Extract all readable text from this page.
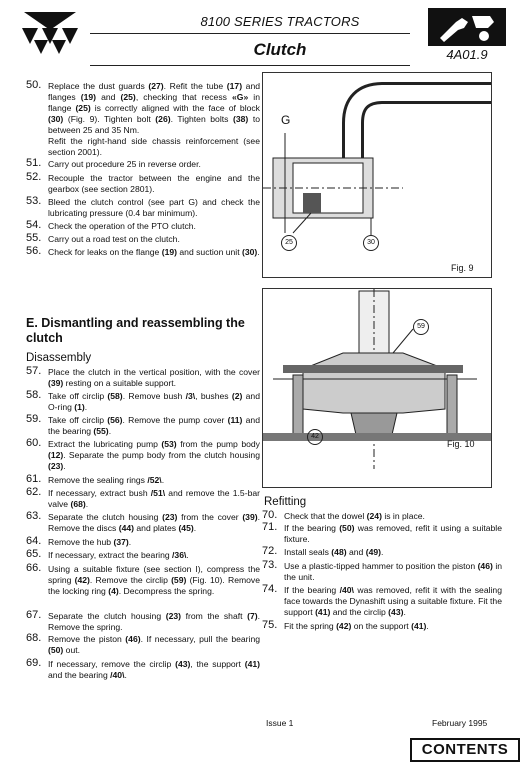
8100 SERIES TRACTORS
Clutch	4A01.9
50. Replace the dust guards (27). Refit the tube (17) and flanges (19) and (25), checking that recess «G» in flange (25) is correctly aligned with the face of block (30) (Fig. 9). Tighten bolt (26). Tighten bolts (38) to between 25 and 35 Nm.
Refit the right-hand side chassis reinforcement (see section 2001).
51. Carry out procedure 25 in reverse order.
52. Recouple the tractor between the engine and the gearbox (see section 2801).
53. Bleed the clutch control (see part G) and check the lubricating pressure (0.4 bar minimum).
54. Check the operation of the PTO clutch.
55. Carry out a road test on the clutch.
56. Check for leaks on the flange (19) and suction unit (30).
G
25	30
Fig. 9
59
42
Fig. 10
E. Dismantling and reassembling the clutch
Disassembly
57. Place the clutch in the vertical position, with the cover (39) resting on a suitable support.
58. Take off circlip (58). Remove bush /3\, bushes (2) and O-ring (1).
59. Take off circlip (56). Remove the pump cover (11) and the bearing (55).
60. Extract the lubricating pump (53) from the pump body (12). Separate the pump body from the clutch housing (23).
61. Remove the sealing rings /52\.
62. If necessary, extract bush /51\ and remove the 1.5-bar valve (68).
63. Separate the clutch housing (23) from the cover (39). Remove the discs (44) and plates (45).
64. Remove the hub (37).
65. If necessary, extract the bearing /36\.
66. Using a suitable fixture (see section I), compress the spring (42). Remove the circlip (59) (Fig. 10). Remove the locking ring (4). Decompress the spring.
67. Separate the clutch housing (23) from the shaft (7). Remove the spring.
68. Remove the piston (46). If necessary, pull the bearing (50) out.
69. If necessary, remove the circlip (43), the support (41) and the bearing /40\.
Refitting
70. Check that the dowel (24) is in place.
71. If the bearing (50) was removed, refit it using a suitable fixture.
72. Install seals (48) and (49).
73. Use a plastic-tipped hammer to position the piston (46) in the unit.
74. If the bearing /40\ was removed, refit it with the sealing face towards the Dynashift using a suitable fixture. Fit the support (41) and the circlip (43).
75. Fit the spring (42) on the support (41).
Issue 1	February 1995
CONTENTS
